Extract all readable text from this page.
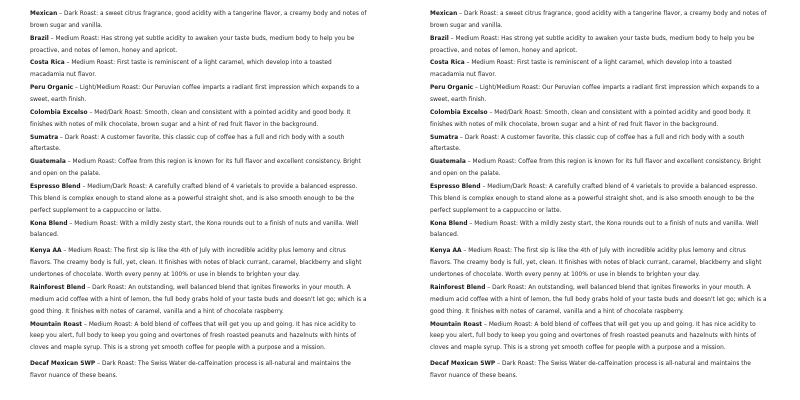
Mexican – Dark Roast: a sweet citrus fragrance, good acidity with a tangerine flavor, a creamy body and notes of brown sugar and vanilla.

Brazil – Medium Roast: Has strong yet subtle acidity to awaken your taste buds, medium body to help you be proactive, and notes of lemon, honey and apricot.

Costa Rica – Medium Roast: First taste is reminiscent of a light caramel, which develop into a toasted macadamia nut flavor.

Peru Organic – Light/Medium Roast: Our Peruvian coffee imparts a radiant first impression which expands to a sweet, earth finish.

Colombia Excelso – Med/Dark Roast: Smooth, clean and consistent with a pointed acidity and good body. It finishes with notes of milk chocolate, brown sugar and a hint of red fruit flavor in the background.

Sumatra – Dark Roast: A customer favorite, this classic cup of coffee has a full and rich body with a south aftertaste.

Guatemala – Medium Roast: Coffee from this region is known for its full flavor and excellent consistency. Bright and open on the palate.

Espresso Blend – Medium/Dark Roast: A carefully crafted blend of 4 varietals to provide a balanced espresso. This blend is complex enough to stand alone as a powerful straight shot, and is also smooth enough to be the perfect supplement to a cappuccino or latte.

Kona Blend – Medium Roast: With a mildly zesty start, the Kona rounds out to a finish of nuts and vanilla. Well balanced.

Kenya AA – Medium Roast: The first sip is like the 4th of July with incredible acidity plus lemony and citrus flavors. The creamy body is full, yet, clean. It finishes with notes of black currant, caramel, blackberry and slight undertones of chocolate. Worth every penny at 100% or use in blends to brighten your day.

Rainforest Blend – Dark Roast: An outstanding, well balanced blend that ignites fireworks in your mouth. A medium acid coffee with a hint of lemon, the full body grabs hold of your taste buds and doesn't let go; which is a good thing. It finishes with notes of caramel, vanilla and a hint of chocolate raspberry.

Mountain Roast – Medium Roast: A bold blend of coffees that will get you up and going. It has nice acidity to keep you alert, full body to keep you going and overtones of fresh roasted peanuts and hazelnuts with hints of cloves and maple syrup. This is a strong yet smooth coffee for people with a purpose and a mission.

Decaf Mexican SWP – Dark Roast: The Swiss Water de-caffeination process is all-natural and maintains the flavor nuance of these beans.

Mexican – Dark Roast: a sweet citrus fragrance, good acidity with a tangerine flavor, a creamy body and notes of brown sugar and vanilla.

Brazil – Medium Roast: Has strong yet subtle acidity to awaken your taste buds, medium body to help you be proactive, and notes of lemon, honey and apricot.

Costa Rica – Medium Roast: First taste is reminiscent of a light caramel, which develop into a toasted macadamia nut flavor.

Peru Organic – Light/Medium Roast: Our Peruvian coffee imparts a radiant first impression which expands to a sweet, earth finish.

Colombia Excelso – Med/Dark Roast: Smooth, clean and consistent with a pointed acidity and good body. It finishes with notes of milk chocolate, brown sugar and a hint of red fruit flavor in the background.

Sumatra – Dark Roast: A customer favorite, this classic cup of coffee has a full and rich body with a south aftertaste.

Guatemala – Medium Roast: Coffee from this region is known for its full flavor and excellent consistency. Bright and open on the palate.

Espresso Blend – Medium/Dark Roast: A carefully crafted blend of 4 varietals to provide a balanced espresso. This blend is complex enough to stand alone as a powerful straight shot, and is also smooth enough to be the perfect supplement to a cappuccino or latte.

Kona Blend – Medium Roast: With a mildly zesty start, the Kona rounds out to a finish of nuts and vanilla. Well balanced.

Kenya AA – Medium Roast: The first sip is like the 4th of July with incredible acidity plus lemony and citrus flavors. The creamy body is full, yet, clean. It finishes with notes of black currant, caramel, blackberry and slight undertones of chocolate. Worth every penny at 100% or use in blends to brighten your day.

Rainforest Blend – Dark Roast: An outstanding, well balanced blend that ignites fireworks in your mouth. A medium acid coffee with a hint of lemon, the full body grabs hold of your taste buds and doesn't let go; which is a good thing. It finishes with notes of caramel, vanilla and a hint of chocolate raspberry.

Mountain Roast – Medium Roast: A bold blend of coffees that will get you up and going. It has nice acidity to keep you alert, full body to keep you going and overtones of fresh roasted peanuts and hazelnuts with hints of cloves and maple syrup. This is a strong yet smooth coffee for people with a purpose and a mission.

Decaf Mexican SWP – Dark Roast: The Swiss Water de-caffeination process is all-natural and maintains the flavor nuance of these beans.
